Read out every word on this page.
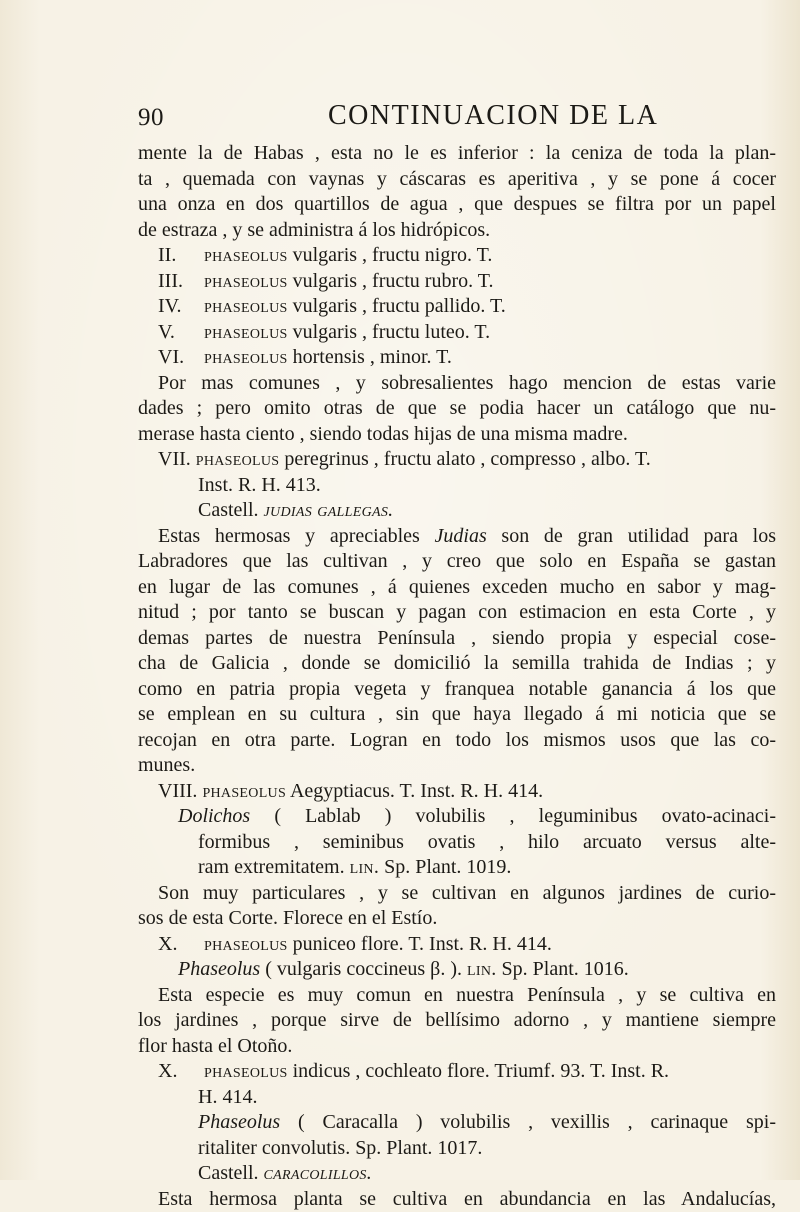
90	CONTINUACION DE LA
mente la de Habas , esta no le es inferior : la ceniza de toda la plan-
ta , quemada con vaynas y cáscaras es aperitiva , y se pone á cocer
una onza en dos quartillos de agua , que despues se filtra por un papel
de estraza , y se administra á los hidrópicos.
II. phaseolus vulgaris , fructu nigro. T.
III. phaseolus vulgaris , fructu rubro. T.
IV. phaseolus vulgaris , fructu pallido. T.
V. phaseolus vulgaris , fructu luteo. T.
VI. phaseolus hortensis , minor. T.
Por mas comunes , y sobresalientes hago mencion de estas varie
dades ; pero omito otras de que se podia hacer un catálogo que nu-
merase hasta ciento , siendo todas hijas de una misma madre.
VII. phaseolus peregrinus , fructu alato , compresso , albo. T.
Inst. R. H. 413.
Castell. judias gallegas.
Estas hermosas y apreciables Judias son de gran utilidad para los
Labradores que las cultivan , y creo que solo en España se gastan
en lugar de las comunes , á quienes exceden mucho en sabor y mag-
nitud ; por tanto se buscan y pagan con estimacion en esta Corte , y
demas partes de nuestra Península , siendo propia y especial cose-
cha de Galicia , donde se domicilió la semilla trahida de Indias ; y
como en patria propia vegeta y franquea notable ganancia á los que
se emplean en su cultura , sin que haya llegado á mi noticia que se
recojan en otra parte. Logran en todo los mismos usos que las co-
munes.
VIII. phaseolus Aegyptiacus. T. Inst. R. H. 414.
Dolichos ( Lablab ) volubilis , leguminibus ovato-acinaci-
formibus , seminibus ovatis , hilo arcuato versus alte-
ram extremitatem. lin. Sp. Plant. 1019.
Son muy particulares , y se cultivan en algunos jardines de curio-
sos de esta Corte. Florece en el Estío.
X. phaseolus puniceo flore. T. Inst. R. H. 414.
Phaseolus ( vulgaris coccineus β. ). lin. Sp. Plant. 1016.
Esta especie es muy comun en nuestra Península , y se cultiva en
los jardines , porque sirve de bellísimo adorno , y mantiene siempre
flor hasta el Otoño.
X. phaseolus indicus , cochleato flore. Triumf. 93. T. Inst. R.
H. 414.
Phaseolus ( Caracalla ) volubilis , vexillis , carinaque spi-
ritaliter convolutis. Sp. Plant. 1017.
Castell. caracolillos.
Esta hermosa planta se cultiva en abundancia en las Andalucías,
